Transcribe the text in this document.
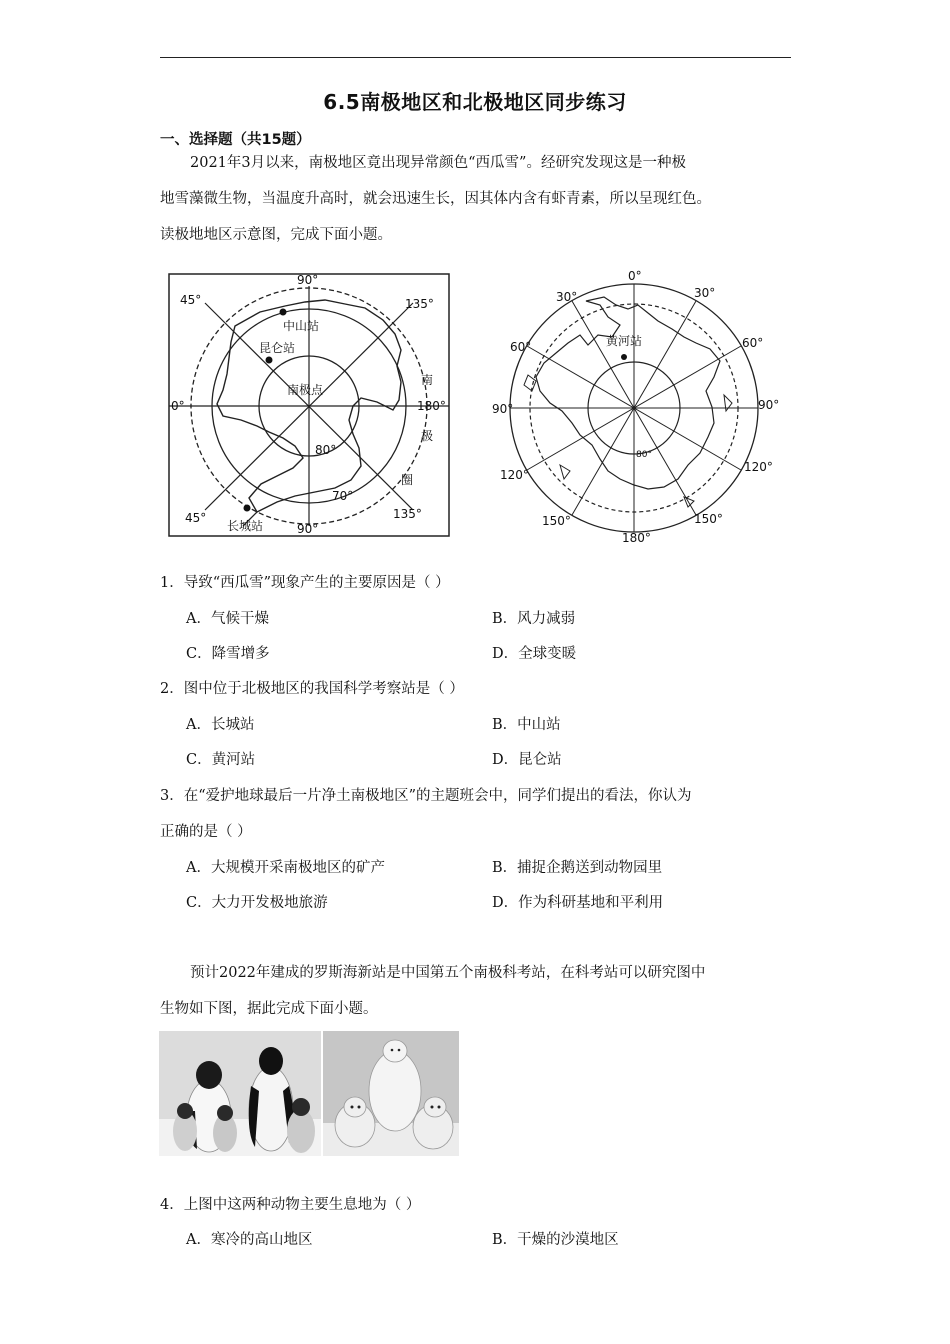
6.5南极地区和北极地区同步练习
一、选择题（共15题）

2021年3月以来，南极地区竟出现异常颜色“西瓜雪”。经研究发现这是一种极

地雪藻微生物，当温度升高时，就会迅速生长，因其体内含有虾青素，所以呈现红色。

读极地地区示意图，完成下面小题。

90°
90°
45°	135°
45°	135°
0°	180°
80°
70°
南
极
圈
中山站
昆仑站
南极点
长城站
0°
30°	30°
60°	60°
90°	90°
120°
120°
150°	150°
180°
80°
黄河站
1．导致“西瓜雪”现象产生的主要原因是（ ）
A．气候干燥	B．风力减弱
C．降雪增多	D．全球变暖
2．图中位于北极地区的我国科学考察站是（ ）
A．长城站	B．中山站
C．黄河站	D．昆仑站
3．在“爱护地球最后一片净土南极地区”的主题班会中，同学们提出的看法，你认为
正确的是（ ）
A．大规模开采南极地区的矿产	B．捕捉企鹅送到动物园里
C．大力开发极地旅游	D．作为科研基地和平利用

预计2022年建成的罗斯海新站是中国第五个南极科考站，在科考站可以研究图中

生物如下图，据此完成下面小题。

4．上图中这两种动物主要生息地为（ ）
A．寒冷的高山地区	B．干燥的沙漠地区
